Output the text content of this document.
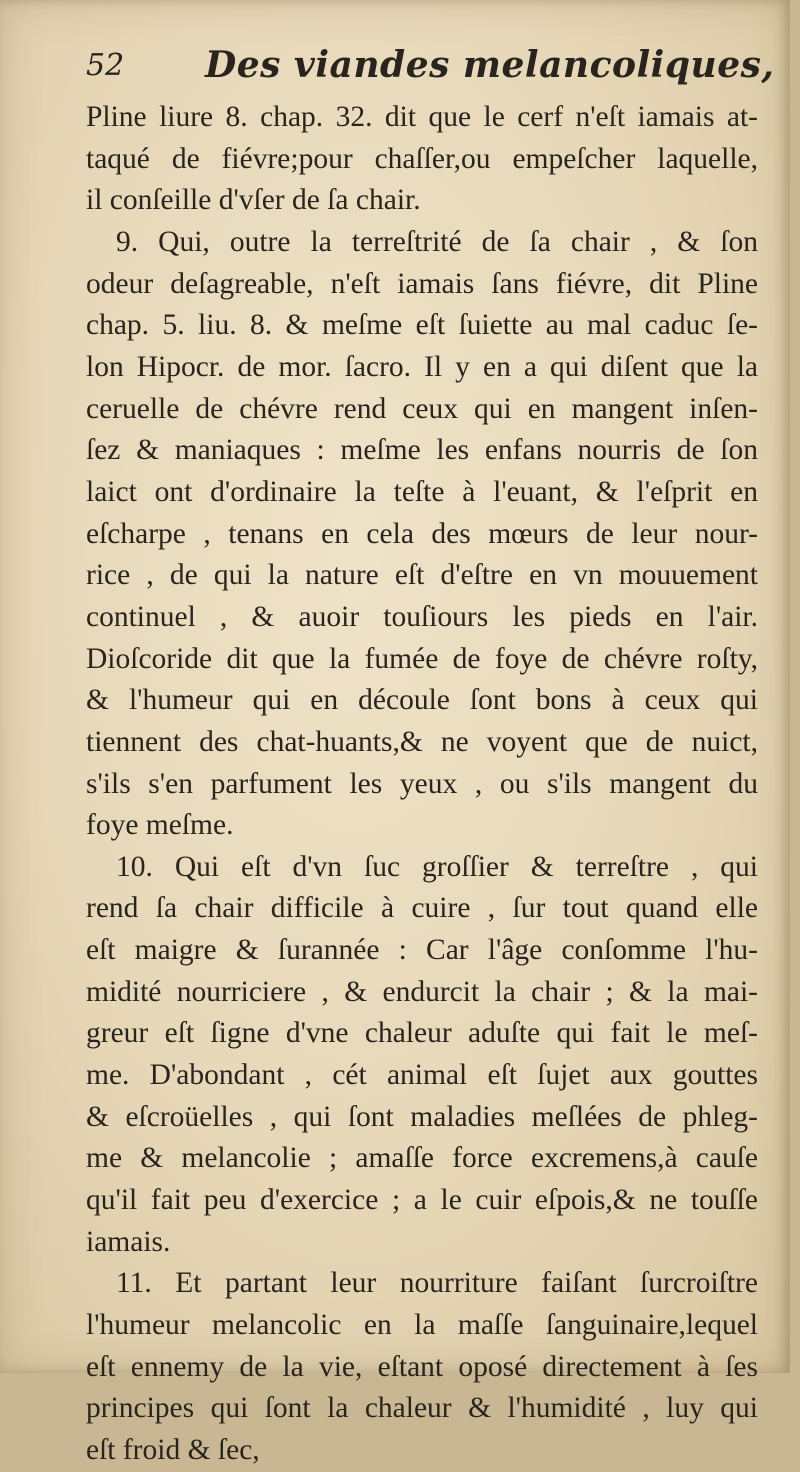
52 Des viandes melancoliques,
Pline liure 8. chap. 32. dit que le cerf n'eſt iamais at-
taqué de fiévre;pour chaſſer,ou empeſcher laquelle,
il conſeille d'vſer de ſa chair.
9. Qui, outre la terreſtrité de ſa chair , & ſon
odeur deſagreable, n'eſt iamais ſans fiévre, dit Pline
chap. 5. liu. 8. & meſme eſt ſuiette au mal caduc ſe-
lon Hipocr. de mor. ſacro. Il y en a qui diſent que la
ceruelle de chévre rend ceux qui en mangent inſen-
ſez & maniaques : meſme les enfans nourris de ſon
laict ont d'ordinaire la teſte à l'euant, & l'eſprit en
eſcharpe , tenans en cela des mœurs de leur nour-
rice , de qui la nature eſt d'eſtre en vn mouuement
continuel , & auoir touſiours les pieds en l'air.
Dioſcoride dit que la fumée de foye de chévre roſty,
& l'humeur qui en découle ſont bons à ceux qui
tiennent des chat-huants,& ne voyent que de nuict,
s'ils s'en parfument les yeux , ou s'ils mangent du
foye meſme.
10. Qui eſt d'vn ſuc groſſier & terreſtre , qui
rend ſa chair difficile à cuire , ſur tout quand elle
eſt maigre & ſurannée : Car l'âge conſomme l'hu-
midité nourriciere , & endurcit la chair ; & la mai-
greur eſt ſigne d'vne chaleur aduſte qui fait le meſ-
me. D'abondant , cét animal eſt ſujet aux gouttes
& eſcroüelles , qui ſont maladies meſlées de phleg-
me & melancolie ; amaſſe force excremens,à cauſe
qu'il fait peu d'exercice ; a le cuir eſpois,& ne touſſe
iamais.
11. Et partant leur nourriture faiſant ſurcroiſtre
l'humeur melancolic en la maſſe ſanguinaire,lequel
eſt ennemy de la vie, eſtant oposé directement à ſes
principes qui ſont la chaleur & l'humidité , luy qui
eſt froid & ſec,
